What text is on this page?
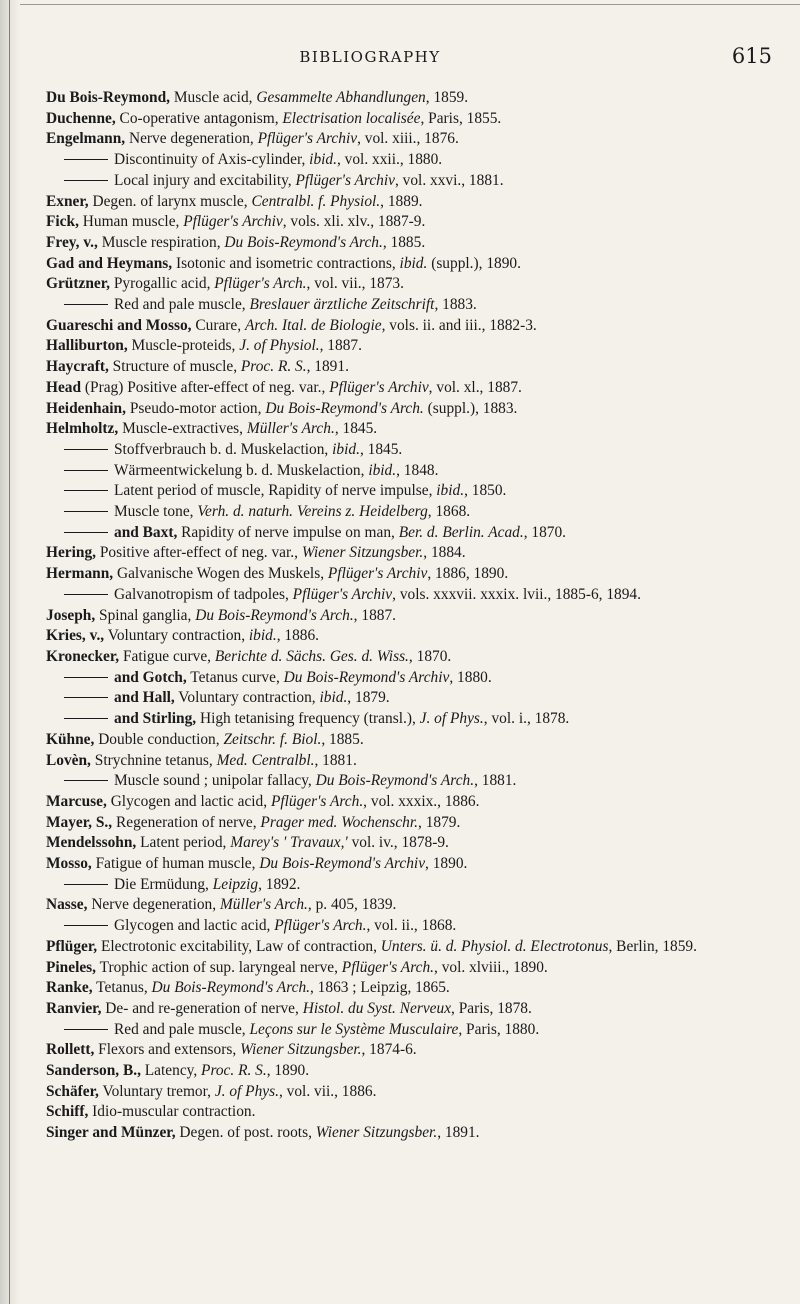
BIBLIOGRAPHY	615

Du Bois-Reymond, Muscle acid, Gesammelte Abhandlungen, 1859.

Duchenne, Co-operative antagonism, Electrisation localisée, Paris, 1855.

Engelmann, Nerve degeneration, Pflüger's Archiv, vol. xiii., 1876.

Discontinuity of Axis-cylinder, ibid., vol. xxii., 1880.

Local injury and excitability, Pflüger's Archiv, vol. xxvi., 1881.

Exner, Degen. of larynx muscle, Centralbl. f. Physiol., 1889.

Fick, Human muscle, Pflüger's Archiv, vols. xli. xlv., 1887-9.

Frey, v., Muscle respiration, Du Bois-Reymond's Arch., 1885.

Gad and Heymans, Isotonic and isometric contractions, ibid. (suppl.), 1890.

Grützner, Pyrogallic acid, Pflüger's Arch., vol. vii., 1873.

Red and pale muscle, Breslauer ärztliche Zeitschrift, 1883.

Guareschi and Mosso, Curare, Arch. Ital. de Biologie, vols. ii. and iii., 1882-3.

Halliburton, Muscle-proteids, J. of Physiol., 1887.

Haycraft, Structure of muscle, Proc. R. S., 1891.

Head (Prag) Positive after-effect of neg. var., Pflüger's Archiv, vol. xl., 1887.

Heidenhain, Pseudo-motor action, Du Bois-Reymond's Arch. (suppl.), 1883.

Helmholtz, Muscle-extractives, Müller's Arch., 1845.

Stoffverbrauch b. d. Muskelaction, ibid., 1845.

Wärmeentwickelung b. d. Muskelaction, ibid., 1848.

Latent period of muscle, Rapidity of nerve impulse, ibid., 1850.

Muscle tone, Verh. d. naturh. Vereins z. Heidelberg, 1868.

and Baxt, Rapidity of nerve impulse on man, Ber. d. Berlin. Acad., 1870.

Hering, Positive after-effect of neg. var., Wiener Sitzungsber., 1884.

Hermann, Galvanische Wogen des Muskels, Pflüger's Archiv, 1886, 1890.

Galvanotropism of tadpoles, Pflüger's Archiv, vols. xxxvii. xxxix. lvii., 1885-6, 1894.

Joseph, Spinal ganglia, Du Bois-Reymond's Arch., 1887.

Kries, v., Voluntary contraction, ibid., 1886.

Kronecker, Fatigue curve, Berichte d. Sächs. Ges. d. Wiss., 1870.

and Gotch, Tetanus curve, Du Bois-Reymond's Archiv, 1880.

and Hall, Voluntary contraction, ibid., 1879.

and Stirling, High tetanising frequency (transl.), J. of Phys., vol. i., 1878.

Kühne, Double conduction, Zeitschr. f. Biol., 1885.

Lovèn, Strychnine tetanus, Med. Centralbl., 1881.

Muscle sound ; unipolar fallacy, Du Bois-Reymond's Arch., 1881.

Marcuse, Glycogen and lactic acid, Pflüger's Arch., vol. xxxix., 1886.

Mayer, S., Regeneration of nerve, Prager med. Wochenschr., 1879.

Mendelssohn, Latent period, Marey's ' Travaux,' vol. iv., 1878-9.

Mosso, Fatigue of human muscle, Du Bois-Reymond's Archiv, 1890.

Die Ermüdung, Leipzig, 1892.

Nasse, Nerve degeneration, Müller's Arch., p. 405, 1839.

Glycogen and lactic acid, Pflüger's Arch., vol. ii., 1868.

Pflüger, Electrotonic excitability, Law of contraction, Unters. ü. d. Physiol. d. Electrotonus, Berlin, 1859.

Pineles, Trophic action of sup. laryngeal nerve, Pflüger's Arch., vol. xlviii., 1890.

Ranke, Tetanus, Du Bois-Reymond's Arch., 1863 ; Leipzig, 1865.

Ranvier, De- and re-generation of nerve, Histol. du Syst. Nerveux, Paris, 1878.

Red and pale muscle, Leçons sur le Système Musculaire, Paris, 1880.

Rollett, Flexors and extensors, Wiener Sitzungsber., 1874-6.

Sanderson, B., Latency, Proc. R. S., 1890.

Schäfer, Voluntary tremor, J. of Phys., vol. vii., 1886.

Schiff, Idio-muscular contraction.

Singer and Münzer, Degen. of post. roots, Wiener Sitzungsber., 1891.
